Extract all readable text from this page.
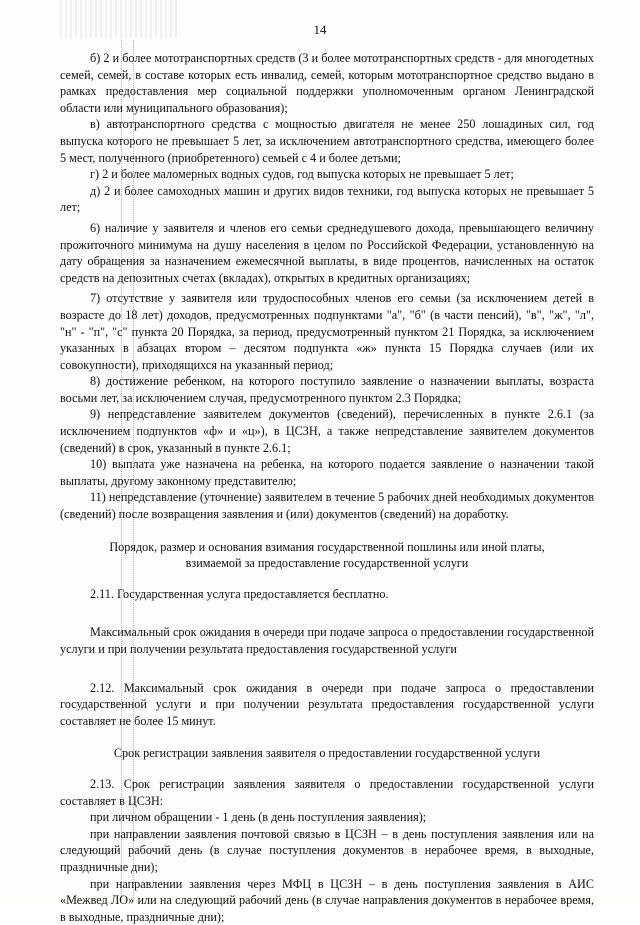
14

б) 2 и более мототранспортных средств (3 и более мототранспортных средств - для многодетных семей, семей, в составе которых есть инвалид, семей, которым мототранспортное средство выдано в рамках предоставления мер социальной поддержки уполномоченным органом Ленинградской области или муниципального образования);

в) автотранспортного средства с мощностью двигателя не менее 250 лошадиных сил, год выпуска которого не превышает 5 лет, за исключением автотранспортного средства, имеющего более 5 мест, полученного (приобретенного) семьей с 4 и более детьми;

г) 2 и более маломерных водных судов, год выпуска которых не превышает 5 лет;

д) 2 и более самоходных машин и других видов техники, год выпуска которых не превышает 5 лет;

6) наличие у заявителя и членов его семьи среднедушевого дохода, превышающего величину прожиточного минимума на душу населения в целом по Российской Федерации, установленную на дату обращения за назначением ежемесячной выплаты, в виде процентов, начисленных на остаток средств на депозитных счетах (вкладах), открытых в кредитных организациях;

7) отсутствие у заявителя или трудоспособных членов его семьи (за исключением детей в возрасте до 18 лет) доходов, предусмотренных подпунктами "а", "б" (в части пенсий), "в", "ж", "л", "н" - "п", "с" пункта 20 Порядка, за период, предусмотренный пунктом 21 Порядка, за исключением указанных в абзацах втором – десятом подпункта «ж» пункта 15 Порядка случаев (или их совокупности), приходящихся на указанный период;

8) достижение ребенком, на которого поступило заявление о назначении выплаты, возраста восьми лет, за исключением случая, предусмотренного пунктом 2.3 Порядка;

9) непредставление заявителем документов (сведений), перечисленных в пункте 2.6.1 (за исключением подпунктов «ф» и «ц»), в ЦСЗН, а также непредставление заявителем документов (сведений) в срок, указанный в пункте 2.6.1;

10) выплата уже назначена на ребенка, на которого подается заявление о назначении такой выплаты, другому законному представителю;

11) непредставление (уточнение) заявителем в течение 5 рабочих дней необходимых документов (сведений) после возвращения заявления и (или) документов (сведений) на доработку.

Порядок, размер и основания взимания государственной пошлины или иной платы, взимаемой за предоставление государственной услуги

2.11. Государственная услуга предоставляется бесплатно.

Максимальный срок ожидания в очереди при подаче запроса о предоставлении государственной услуги и при получении результата предоставления государственной услуги

2.12. Максимальный срок ожидания в очереди при подаче запроса о предоставлении государственной услуги и при получении результата предоставления государственной услуги составляет не более 15 минут.

Срок регистрации заявления заявителя о предоставлении государственной услуги

2.13. Срок регистрации заявления заявителя о предоставлении государственной услуги составляет в ЦСЗН:

при личном обращении - 1 день (в день поступления заявления);

при направлении заявления почтовой связью в ЦСЗН – в день поступления заявления или на следующий рабочий день (в случае поступления документов в нерабочее время, в выходные, праздничные дни);

при направлении заявления через МФЦ в ЦСЗН – в день поступления заявления в АИС «Межвед ЛО» или на следующий рабочий день (в случае направления документов в нерабочее время, в выходные, праздничные дни);
